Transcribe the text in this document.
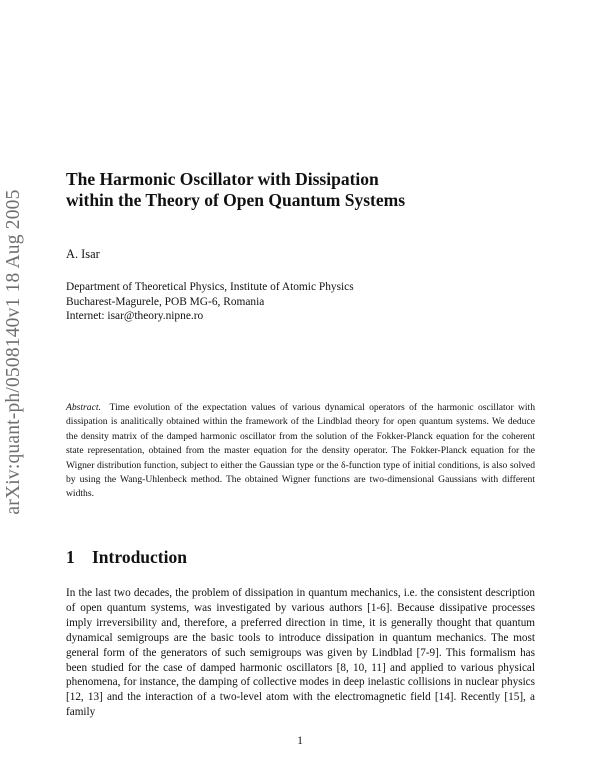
arXiv:quant-ph/0508140v1 18 Aug 2005
The Harmonic Oscillator with Dissipation
within the Theory of Open Quantum Systems
A. Isar
Department of Theoretical Physics, Institute of Atomic Physics
Bucharest-Magurele, POB MG-6, Romania
Internet: isar@theory.nipne.ro

Abstract. Time evolution of the expectation values of various dynamical operators of the harmonic oscillator with dissipation is analitically obtained within the framework of the Lindblad theory for open quantum systems. We deduce the density matrix of the damped harmonic oscillator from the solution of the Fokker-Planck equation for the coherent state representation, obtained from the master equation for the density operator. The Fokker-Planck equation for the Wigner distribution function, subject to either the Gaussian type or the δ-function type of initial conditions, is also solved by using the Wang-Uhlenbeck method. The obtained Wigner functions are two-dimensional Gaussians with different widths.

1 Introduction

In the last two decades, the problem of dissipation in quantum mechanics, i.e. the consistent description of open quantum systems, was investigated by various authors [1-6]. Because dissipative processes imply irreversibility and, therefore, a preferred direction in time, it is generally thought that quantum dynamical semigroups are the basic tools to introduce dissipation in quantum mechanics. The most general form of the generators of such semigroups was given by Lindblad [7-9]. This formalism has been studied for the case of damped harmonic oscillators [8, 10, 11] and applied to various physical phenomena, for instance, the damping of collective modes in deep inelastic collisions in nuclear physics [12, 13] and the interaction of a two-level atom with the electromagnetic field [14]. Recently [15], a family

1
